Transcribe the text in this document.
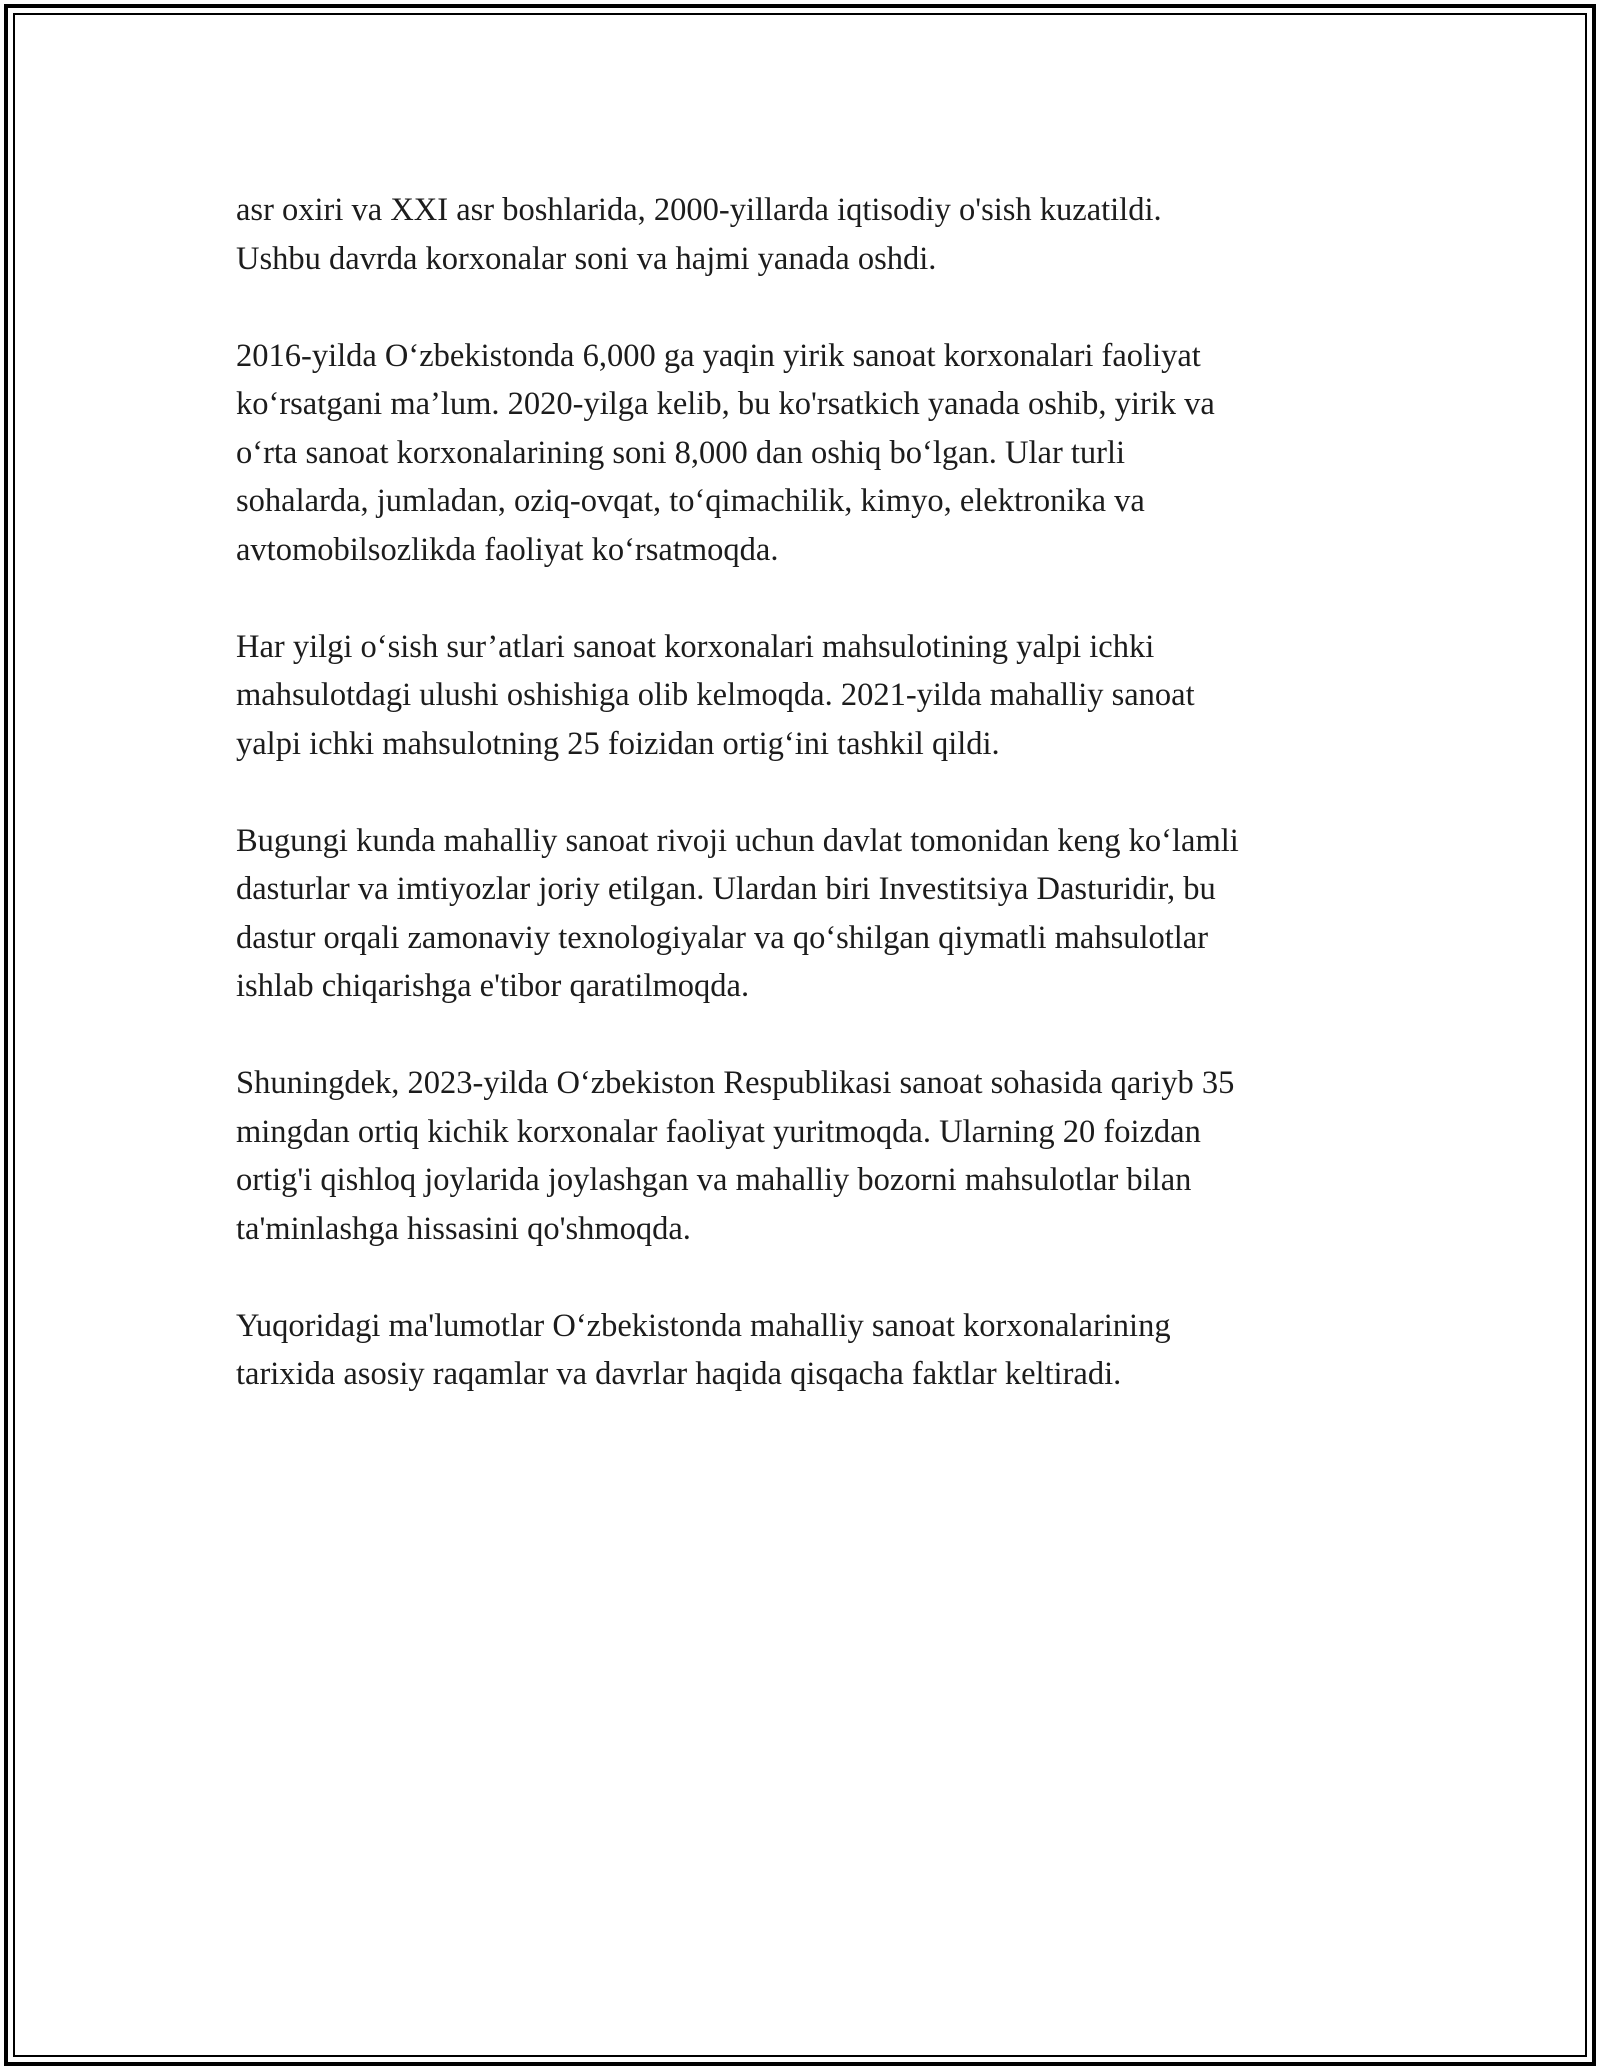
asr oxiri va XXI asr boshlarida, 2000-yillarda iqtisodiy o'sish kuzatildi.
Ushbu davrda korxonalar soni va hajmi yanada oshdi.

2016-yilda O‘zbekistonda 6,000 ga yaqin yirik sanoat korxonalari faoliyat
ko‘rsatgani ma’lum. 2020-yilga kelib, bu ko'rsatkich yanada oshib, yirik va
o‘rta sanoat korxonalarining soni 8,000 dan oshiq bo‘lgan. Ular turli
sohalarda, jumladan, oziq-ovqat, to‘qimachilik, kimyo, elektronika va
avtomobilsozlikda faoliyat ko‘rsatmoqda.

Har yilgi o‘sish sur’atlari sanoat korxonalari mahsulotining yalpi ichki
mahsulotdagi ulushi oshishiga olib kelmoqda. 2021-yilda mahalliy sanoat
yalpi ichki mahsulotning 25 foizidan ortig‘ini tashkil qildi.

Bugungi kunda mahalliy sanoat rivoji uchun davlat tomonidan keng ko‘lamli
dasturlar va imtiyozlar joriy etilgan. Ulardan biri Investitsiya Dasturidir, bu
dastur orqali zamonaviy texnologiyalar va qo‘shilgan qiymatli mahsulotlar
ishlab chiqarishga e'tibor qaratilmoqda.

Shuningdek, 2023-yilda O‘zbekiston Respublikasi sanoat sohasida qariyb 35
mingdan ortiq kichik korxonalar faoliyat yuritmoqda. Ularning 20 foizdan
ortig'i qishloq joylarida joylashgan va mahalliy bozorni mahsulotlar bilan
ta'minlashga hissasini qo'shmoqda.

Yuqoridagi ma'lumotlar O‘zbekistonda mahalliy sanoat korxonalarining
tarixida asosiy raqamlar va davrlar haqida qisqacha faktlar keltiradi.
